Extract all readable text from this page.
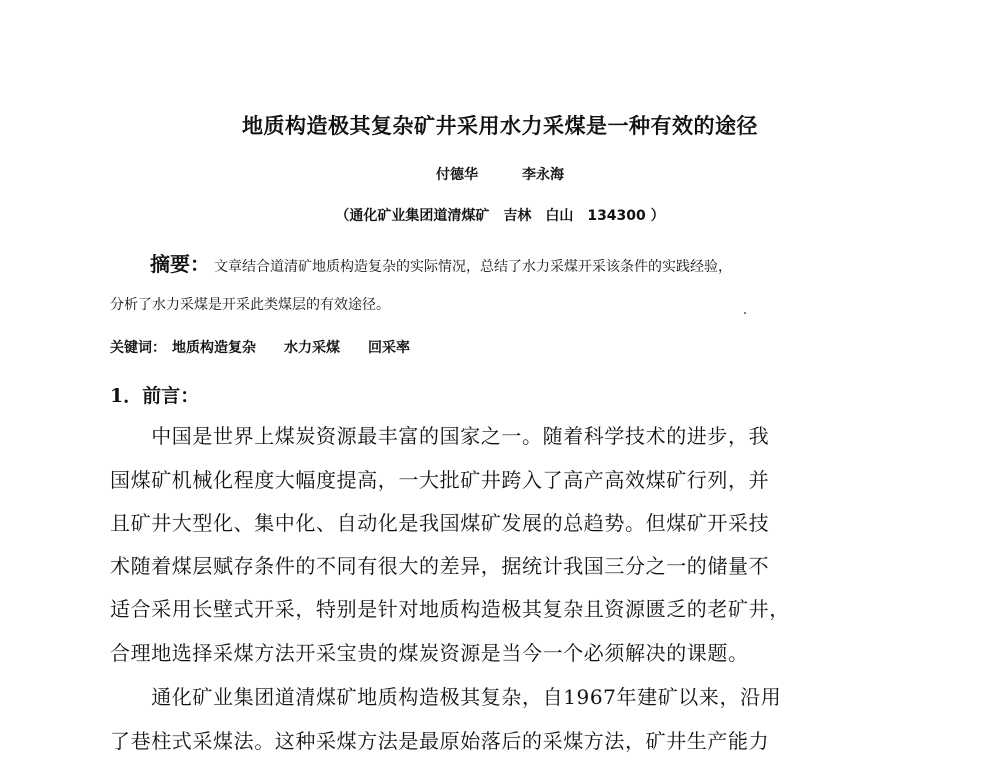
地质构造极其复杂矿井采用水力采煤是一种有效的途径
付德华	李永海
（通化矿业集团道清煤矿　吉林　白山　134300 ）
摘要： 文章结合道清矿地质构造复杂的实际情况，总结了水力采煤开采该条件的实践经验，
分析了水力采煤是开采此类煤层的有效途径。
关键词： 地质构造复杂 水力采煤 回采率
1．前言：
　　中国是世界上煤炭资源最丰富的国家之一。随着科学技术的进步，我
国煤矿机械化程度大幅度提高，一大批矿井跨入了高产高效煤矿行列，并
且矿井大型化、集中化、自动化是我国煤矿发展的总趋势。但煤矿开采技
术随着煤层赋存条件的不同有很大的差异，据统计我国三分之一的储量不
适合采用长壁式开采，特别是针对地质构造极其复杂且资源匮乏的老矿井，
合理地选择采煤方法开采宝贵的煤炭资源是当今一个必须解决的课题。
　　通化矿业集团道清煤矿地质构造极其复杂，自1967年建矿以来，沿用
了巷柱式采煤法。这种采煤方法是最原始落后的采煤方法，矿井生产能力
